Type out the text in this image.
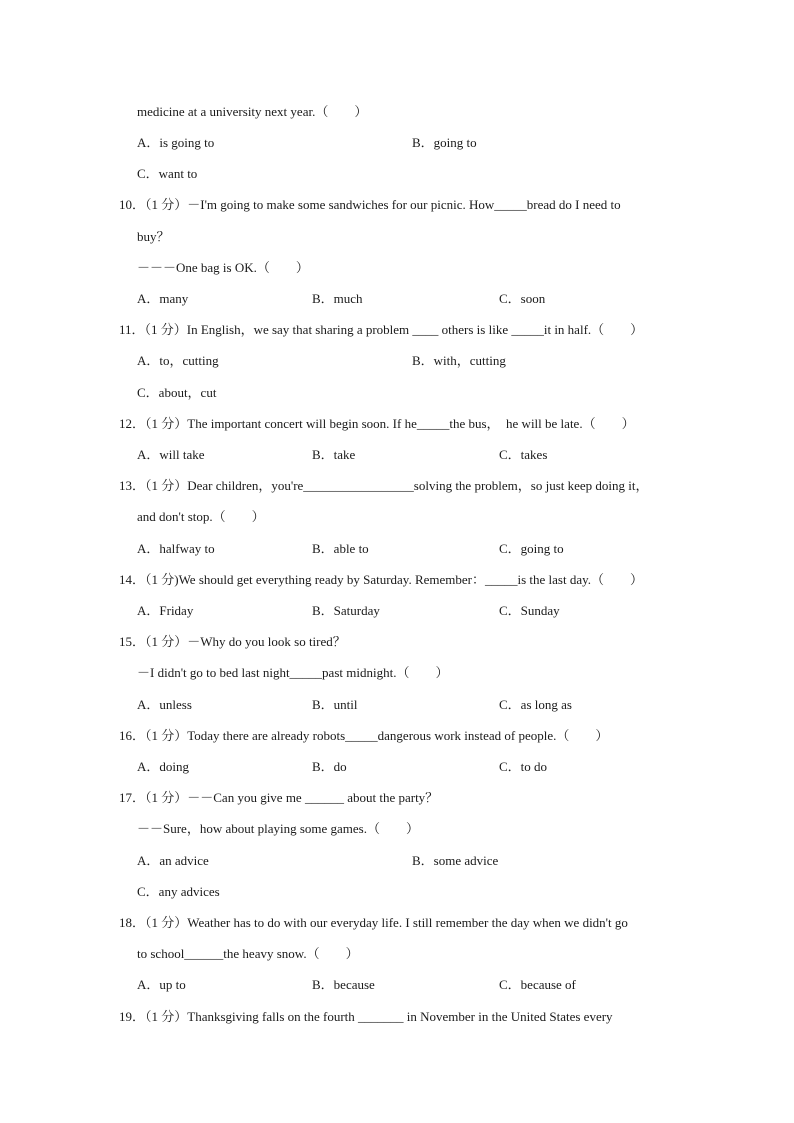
medicine at a university next year.（　　）
A．is going to	B．going to
C．want to
10．（1 分）－I'm going to make some sandwiches for our picnic. How_____bread do I need to
buy？
－－－One bag is OK.（　　）
A．many	B．much	C．soon
11．（1 分）In English，we say that sharing a problem ____ others is like _____it in half.（　　）
A．to，cutting	B．with，cutting
C．about，cut
12．（1 分）The important concert will begin soon. If he_____the bus，  he will be late.（　　）
A．will take	B．take	C．takes
13．（1 分）Dear children，you're_________________solving the problem，so just keep doing it，
and don't stop.（　　）
A．halfway to	B．able to	C．going to
14．（1 分)We should get everything ready by Saturday. Remember：_____is the last day.（　　）
A．Friday	B．Saturday	C．Sunday
15．（1 分）－Why do you look so tired？
－I didn't go to bed last night_____past midnight.（　　）
A．unless	B．until	C．as long as
16．（1 分）Today there are already robots_____dangerous work instead of people.（　　）
A．doing	B．do	C．to do
17．（1 分）－－Can you give me ______ about the party？
－－Sure，how about playing some games.（　　）
A．an advice	B．some advice
C．any advices
18．（1 分）Weather has to do with our everyday life. I still remember the day when we didn't go
to school______the heavy snow.（　　）
A．up to	B．because	C．because of
19．（1 分）Thanksgiving falls on the fourth _______ in November in the United States every
